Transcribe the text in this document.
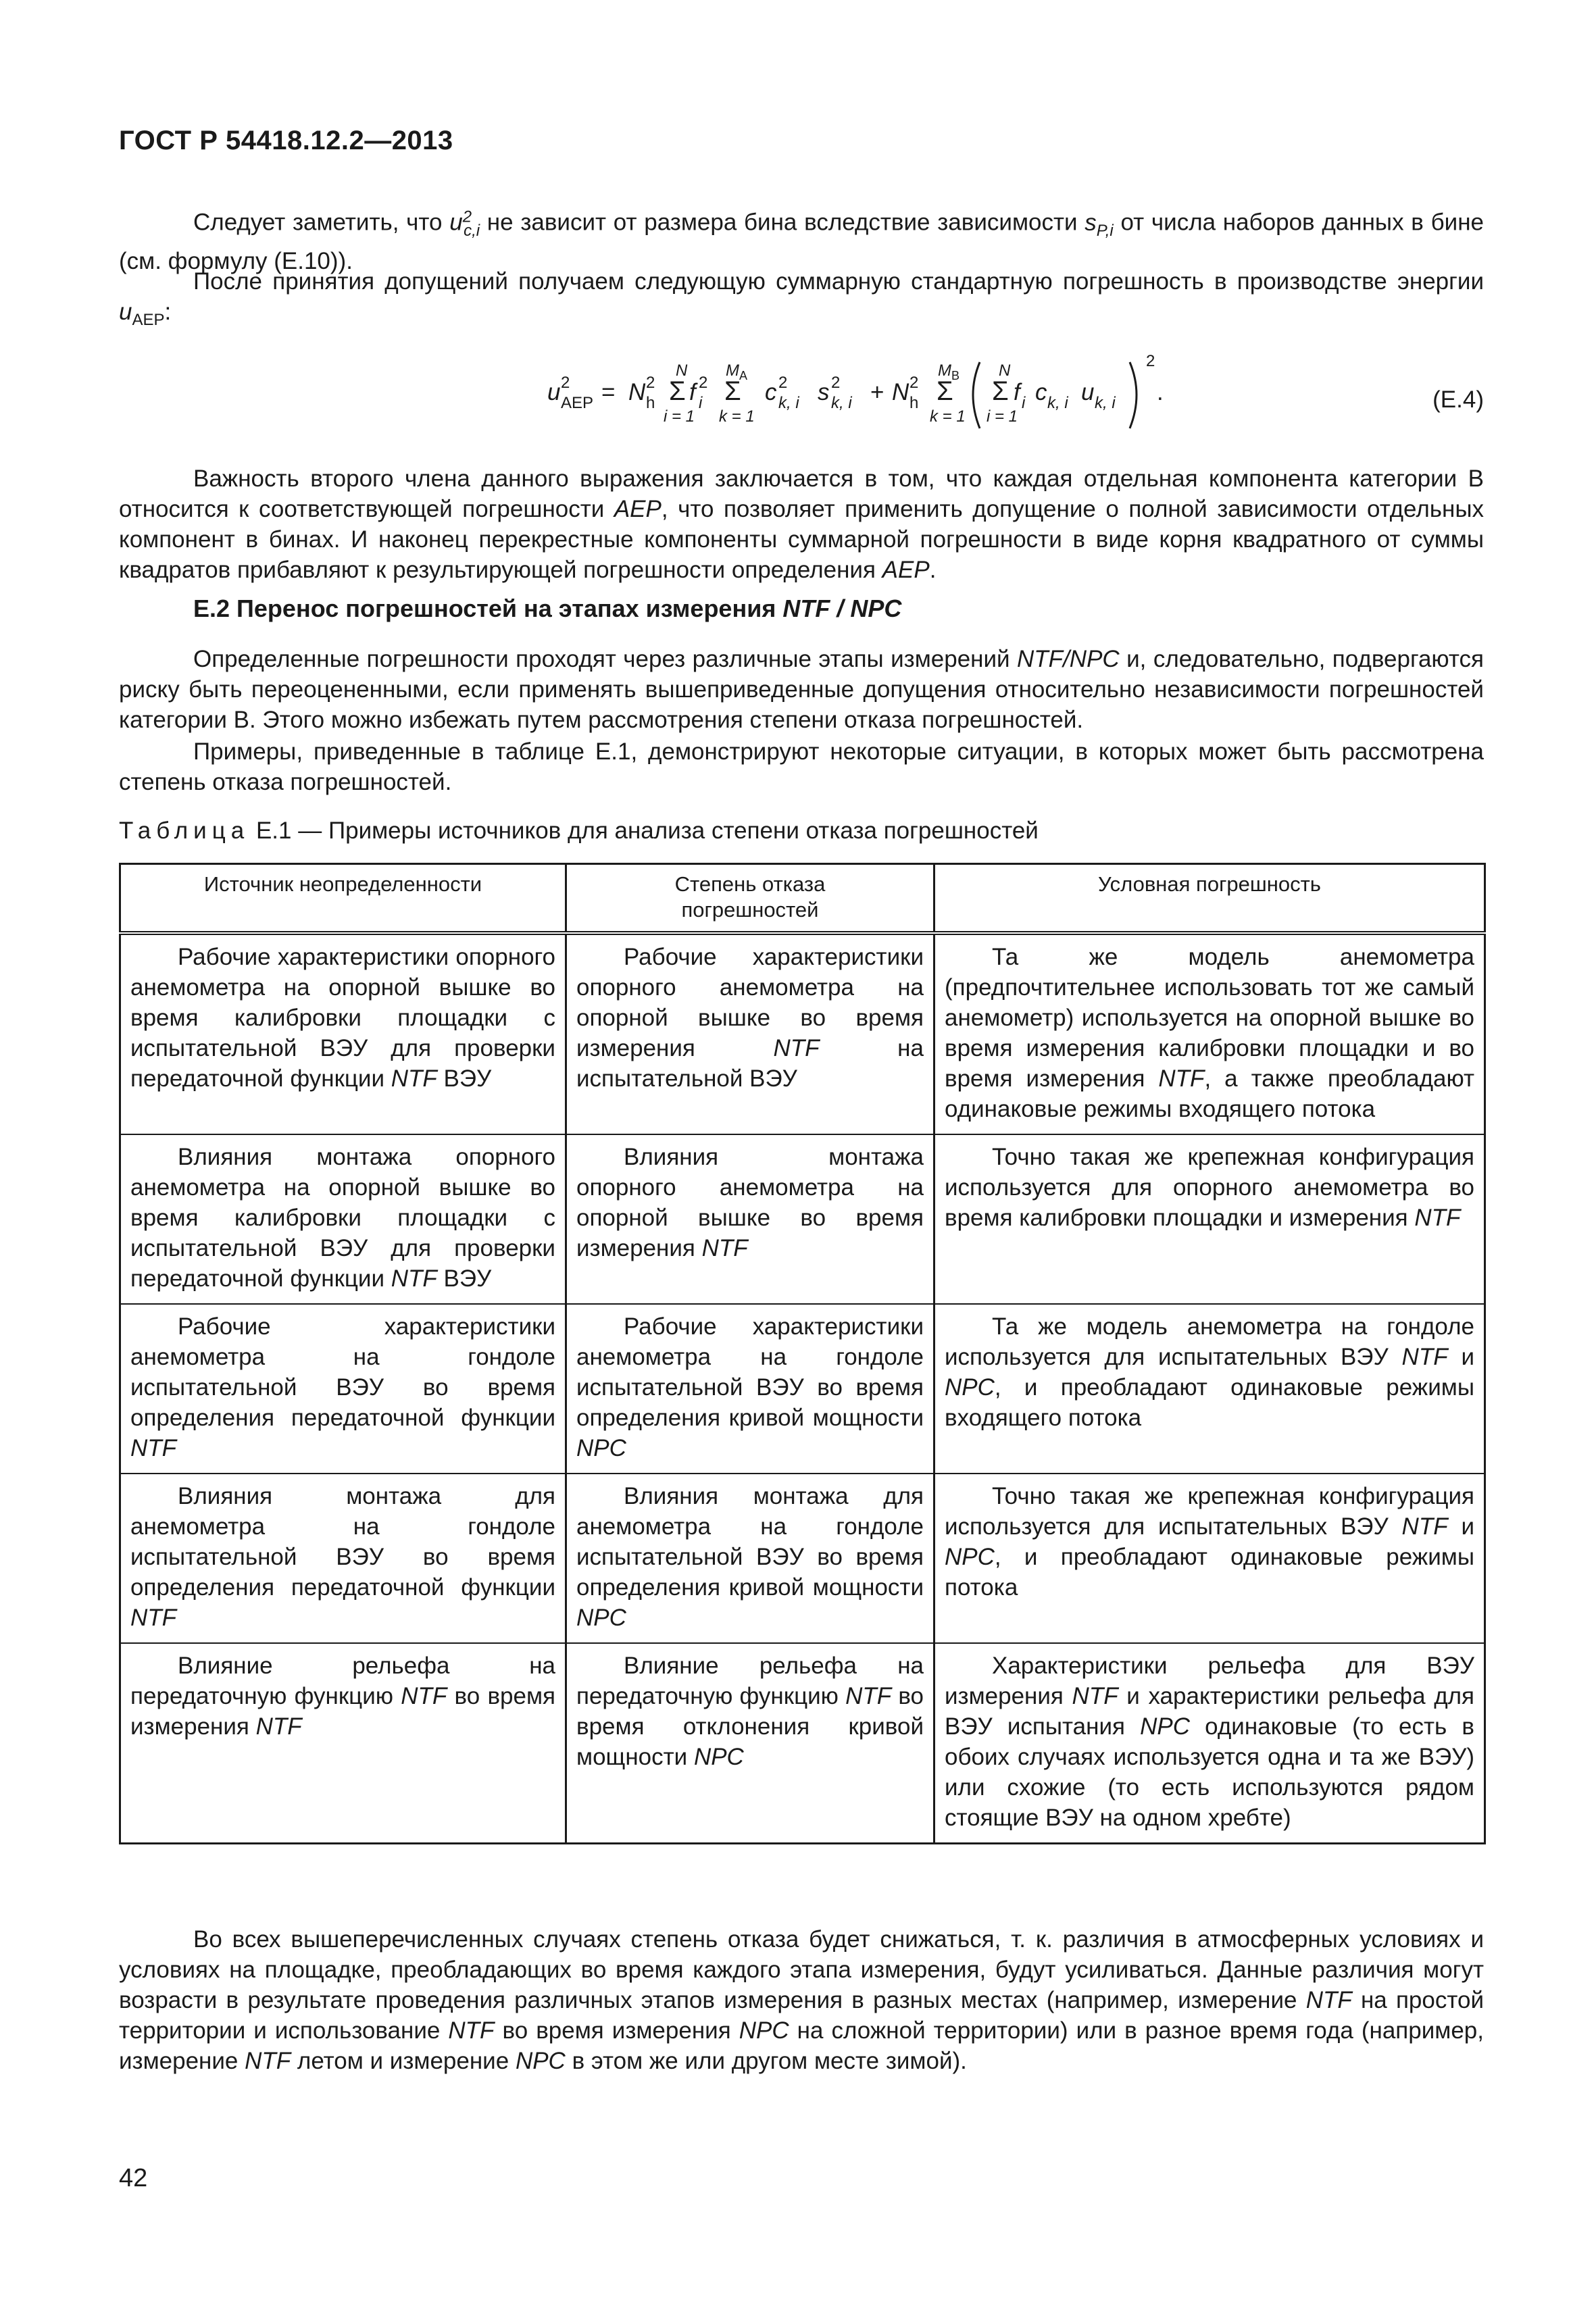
ГОСТ Р 54418.12.2—2013
Следует заметить, что $u^2_{c,i}$ не зависит от размера бина вследствие зависимости $s_{P,i}$ от числа наборов данных в бине (см. формулу (E.10)).
После принятия допущений получаем следующую суммарную стандартную погрешность в производстве энергии $u_{AEP}$:
u 2
AEP = N 2
h
N
Σ
i = 1
f 2
i
M A
Σ
k = 1
c 2
k, i s 2
k, i + N 2
h
M B
Σ
k = 1
N
Σ
i = 1
f i c k, i u k, i
2
.	(E.4)
Важность второго члена данного выражения заключается в том, что каждая отдельная компонента категории B относится к соответствующей погрешности AEP, что позволяет применить допущение о полной зависимости отдельных компонент в бинах. И наконец перекрестные компоненты суммарной погрешности в виде корня квадратного от суммы квадратов прибавляют к результирующей погрешности определения AEP.
E.2 Перенос погрешностей на этапах измерения NTF / NPC
Определенные погрешности проходят через различные этапы измерений NTF/NPC и, следовательно, подвергаются риску быть переоцененными, если применять вышеприведенные допущения относительно независимости погрешностей категории B. Этого можно избежать путем рассмотрения степени отказа погрешностей.
Примеры, приведенные в таблице E.1, демонстрируют некоторые ситуации, в которых может быть рассмотрена степень отказа погрешностей.
Таблица E.1 — Примеры источников для анализа степени отказа погрешностей
Источник неопределенности	Степень отказа погрешностей	Условная погрешность
Рабочие характеристики опорного анемометра на опорной вышке во время калибровки площадки с испытательной ВЭУ для проверки передаточной функции NTF ВЭУ	Рабочие характеристики опорного анемометра на опорной вышке во время измерения NTF на испытательной ВЭУ	Та же модель анемометра (предпочтительнее использовать тот же самый анемометр) используется на опорной вышке во время измерения калибровки площадки и во время измерения NTF, а также преобладают одинаковые режимы входящего потока
Влияния монтажа опорного анемометра на опорной вышке во время калибровки площадки с испытательной ВЭУ для проверки передаточной функции NTF ВЭУ	Влияния монтажа опорного анемометра на опорной вышке во время измерения NTF	Точно такая же крепежная конфигурация используется для опорного анемометра во время калибровки площадки и измерения NTF
Рабочие характеристики анемометра на гондоле испытательной ВЭУ во время определения передаточной функции NTF	Рабочие характеристики анемометра на гондоле испытательной ВЭУ во время определения кривой мощности NPC	Та же модель анемометра на гондоле используется для испытательных ВЭУ NTF и NPC, и преобладают одинаковые режимы входящего потока
Влияния монтажа для анемометра на гондоле испытательной ВЭУ во время определения передаточной функции NTF	Влияния монтажа для анемометра на гондоле испытательной ВЭУ во время определения кривой мощности NPC	Точно такая же крепежная конфигурация используется для испытательных ВЭУ NTF и NPC, и преобладают одинаковые режимы потока
Влияние рельефа на передаточную функцию NTF во время измерения NTF	Влияние рельефа на передаточную функцию NTF во время отклонения кривой мощности NPC	Характеристики рельефа для ВЭУ измерения NTF и характеристики рельефа для ВЭУ испытания NPC одинаковые (то есть в обоих случаях используется одна и та же ВЭУ) или схожие (то есть используются рядом стоящие ВЭУ на одном хребте)
Во всех вышеперечисленных случаях степень отказа будет снижаться, т. к. различия в атмосферных условиях и условиях на площадке, преобладающих во время каждого этапа измерения, будут усиливаться. Данные различия могут возрасти в результате проведения различных этапов измерения в разных местах (например, измерение NTF на простой территории и использование NTF во время измерения NPC на сложной территории) или в разное время года (например, измерение NTF летом и измерение NPC в этом же или другом месте зимой).
42
